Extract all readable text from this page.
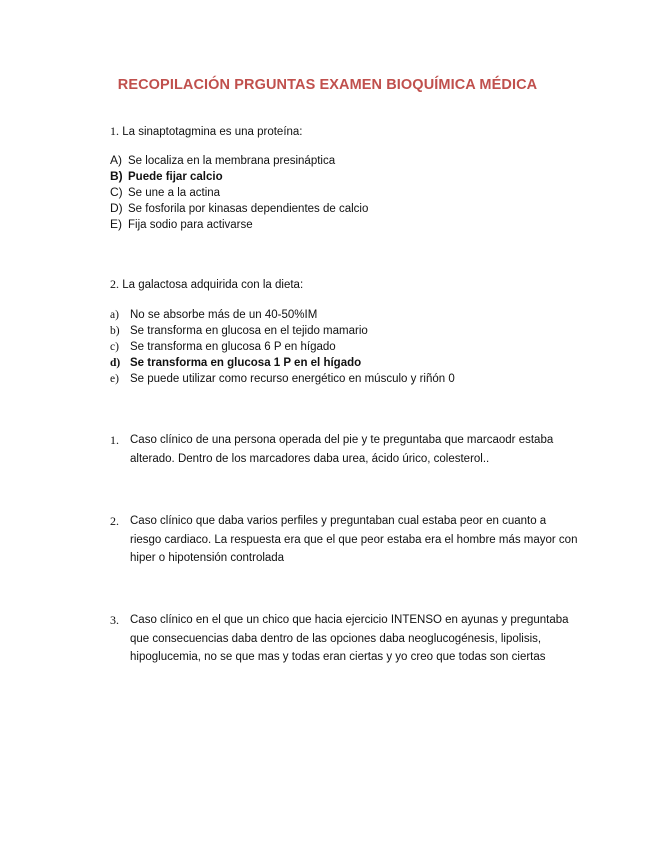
RECOPILACIÓN PRGUNTAS EXAMEN BIOQUÍMICA MÉDICA
1. La sinaptotagmina es una proteína:
A) Se localiza en la membrana presináptica
B) Puede fijar calcio
C) Se une a la actina
D) Se fosforila por kinasas dependientes de calcio
E) Fija sodio para activarse
2. La galactosa adquirida con la dieta:
a) No se absorbe más de un 40-50%IM
b) Se transforma en glucosa en el tejido mamario
c) Se transforma en glucosa 6 P en hígado
d) Se transforma en glucosa 1 P en el hígado
e) Se puede utilizar como recurso energético en músculo y riñón 0
1. Caso clínico de una persona operada del pie y te preguntaba que marcaodr estaba alterado. Dentro de los marcadores daba urea, ácido úrico, colesterol..
2. Caso clínico que daba varios perfiles y preguntaban cual estaba peor en cuanto a riesgo cardiaco. La respuesta era que el que peor estaba era el hombre más mayor con hiper o hipotensión controlada
3. Caso clínico en el que un chico que hacia ejercicio INTENSO en ayunas y preguntaba que consecuencias daba dentro de las opciones daba neoglucogénesis, lipolisis, hipoglucemia, no se que mas y todas eran ciertas y yo creo que todas son ciertas
